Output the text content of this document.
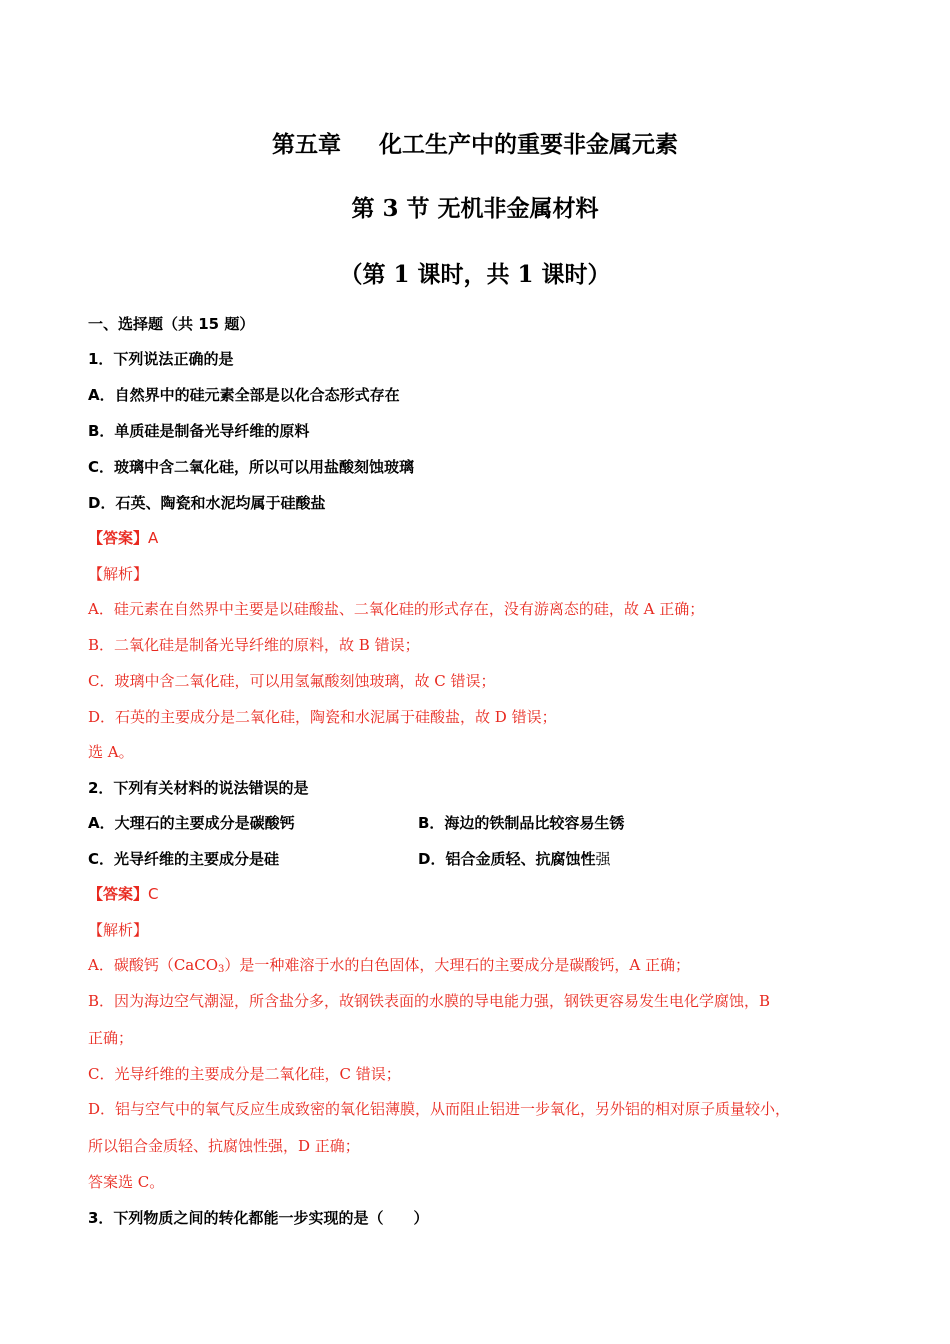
第五章 化工生产中的重要非金属元素
第 3 节 无机非金属材料
（第 1 课时，共 1 课时）
一、选择题（共 15 题）
1．下列说法正确的是
A．自然界中的硅元素全部是以化合态形式存在
B．单质硅是制备光导纤维的原料
C．玻璃中含二氧化硅，所以可以用盐酸刻蚀玻璃
D．石英、陶瓷和水泥均属于硅酸盐
【答案】A
【解析】
A．硅元素在自然界中主要是以硅酸盐、二氧化硅的形式存在，没有游离态的硅，故 A 正确；
B．二氧化硅是制备光导纤维的原料，故 B 错误；
C．玻璃中含二氧化硅，可以用氢氟酸刻蚀玻璃，故 C 错误；
D．石英的主要成分是二氧化硅，陶瓷和水泥属于硅酸盐，故 D 错误；
选 A。
2．下列有关材料的说法错误的是
A．大理石的主要成分是碳酸钙	B．海边的铁制品比较容易生锈
C．光导纤维的主要成分是硅	D．铝合金质轻、抗腐蚀性强
【答案】C
【解析】
A．碳酸钙（CaCO$_3$）是一种难溶于水的白色固体，大理石的主要成分是碳酸钙，A 正确；
B．因为海边空气潮湿，所含盐分多，故钢铁表面的水膜的导电能力强，钢铁更容易发生电化学腐蚀，B
正确；
C．光导纤维的主要成分是二氧化硅，C 错误；
D．铝与空气中的氧气反应生成致密的氧化铝薄膜，从而阻止铝进一步氧化，另外铝的相对原子质量较小，
所以铝合金质轻、抗腐蚀性强，D 正确；
答案选 C。
3．下列物质之间的转化都能一步实现的是（　　）
